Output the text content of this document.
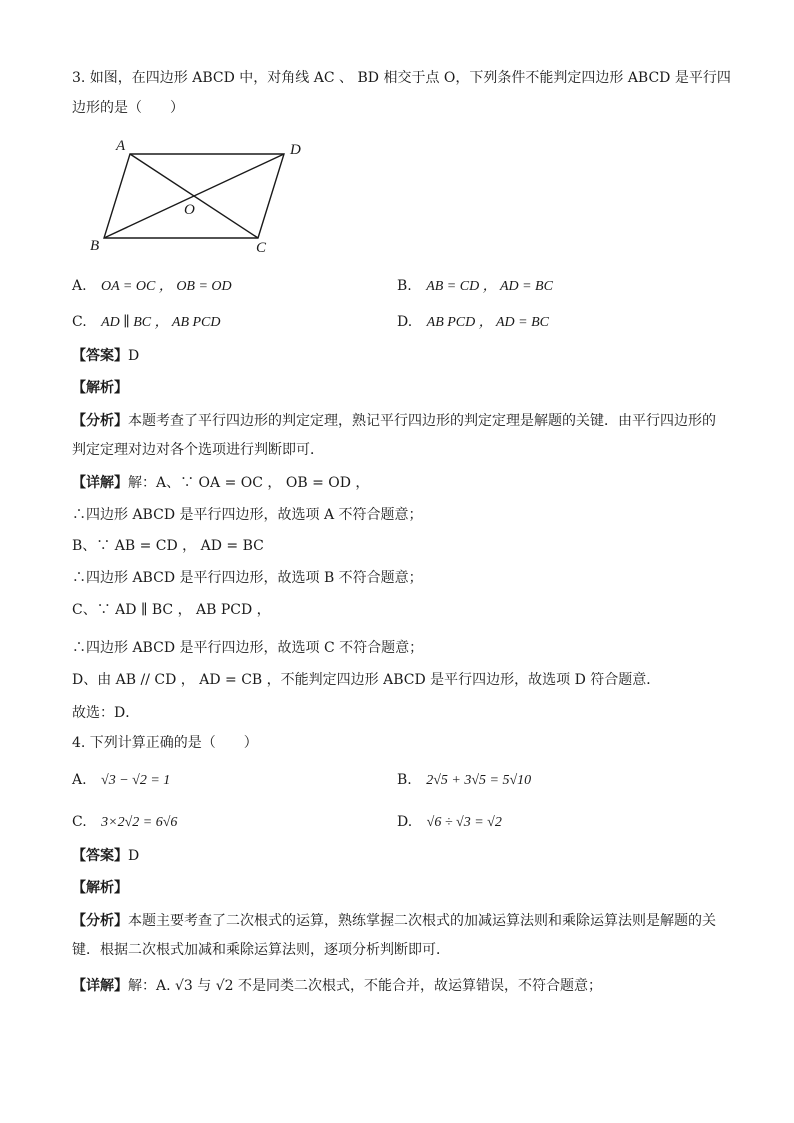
3. 如图，在四边形 ABCD 中，对角线 AC 、 BD 相交于点 O，下列条件不能判定四边形 ABCD 是平行四
边形的是（　　）
A	D
B	C
O
A. OA = OC ， OB = OD	B. AB = CD ， AD = BC
C. AD ∥ BC ， AB PCD	D. AB PCD ， AD = BC
【答案】D
【解析】
【分析】本题考查了平行四边形的判定定理，熟记平行四边形的判定定理是解题的关键．由平行四边形的
判定定理对边对各个选项进行判断即可．
【详解】解：A、∵ OA = OC ， OB = OD ，
∴四边形 ABCD 是平行四边形，故选项 A 不符合题意；
B、∵ AB = CD ， AD = BC
∴四边形 ABCD 是平行四边形，故选项 B 不符合题意；
C、∵ AD ∥ BC ， AB PCD ，
∴四边形 ABCD 是平行四边形，故选项 C 不符合题意；
D、由 AB // CD ， AD = CB ，不能判定四边形 ABCD 是平行四边形，故选项 D 符合题意．
故选：D．
4. 下列计算正确的是（　　）
A. √3 − √2 = 1	B. 2√5 + 3√5 = 5√10
C. 3×2√2 = 6√6	D. √6 ÷ √3 = √2
【答案】D
【解析】
【分析】本题主要考查了二次根式的运算，熟练掌握二次根式的加减运算法则和乘除运算法则是解题的关
键．根据二次根式加减和乘除运算法则，逐项分析判断即可．
【详解】解：A. √3 与 √2 不是同类二次根式，不能合并，故运算错误，不符合题意；
